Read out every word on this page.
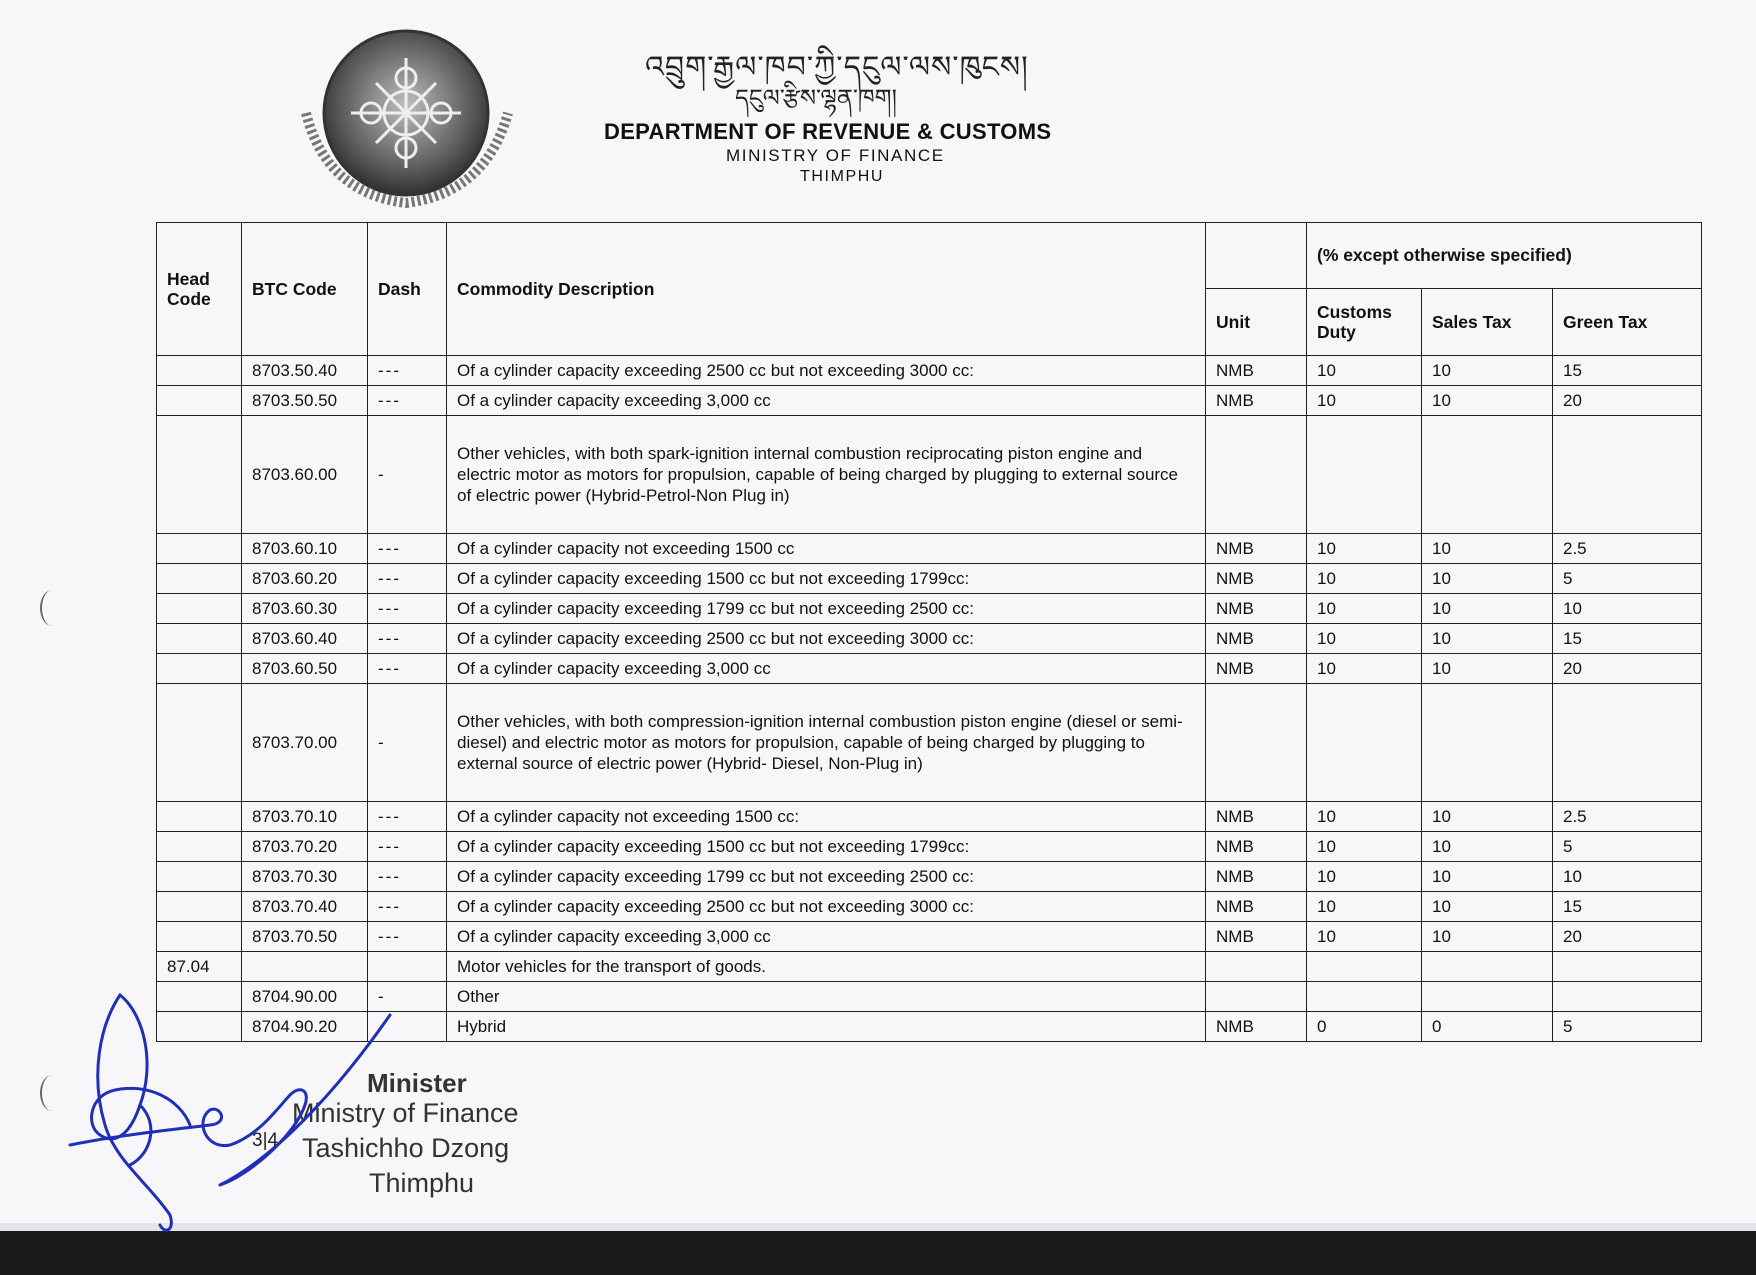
འབྲུག་རྒྱལ་ཁབ་ཀྱི་དངུལ་ལས་ཁུངས།
དངུལ་རྩིས་ལྷན་ཁག།
DEPARTMENT OF REVENUE & CUSTOMS
MINISTRY OF FINANCE
THIMPHU
Head Code	BTC Code	Dash	Commodity Description		(% except otherwise specified)		
				Unit	Customs Duty	Sales Tax	Green Tax
	8703.50.40	---	Of a cylinder capacity exceeding 2500 cc but not exceeding 3000 cc:	NMB	10	10	15
	8703.50.50	---	Of a cylinder capacity exceeding 3,000 cc	NMB	10	10	20
	8703.60.00	-	Other vehicles, with both spark-ignition internal combustion reciprocating piston engine and electric motor as motors for propulsion, capable of being charged by plugging to external source of electric power (Hybrid-Petrol-Non Plug in)				
	8703.60.10	---	Of a cylinder capacity not exceeding 1500 cc	NMB	10	10	2.5
	8703.60.20	---	Of a cylinder capacity exceeding 1500 cc but not exceeding 1799cc:	NMB	10	10	5
	8703.60.30	---	Of a cylinder capacity exceeding 1799 cc but not exceeding 2500 cc:	NMB	10	10	10
	8703.60.40	---	Of a cylinder capacity exceeding 2500 cc but not exceeding 3000 cc:	NMB	10	10	15
	8703.60.50	---	Of a cylinder capacity exceeding 3,000 cc	NMB	10	10	20
	8703.70.00	-	Other vehicles, with both compression-ignition internal combustion piston engine (diesel or semi-diesel) and electric motor as motors for propulsion, capable of being charged by plugging to external source of electric power (Hybrid- Diesel, Non-Plug in)				
	8703.70.10	---	Of a cylinder capacity not exceeding 1500 cc:	NMB	10	10	2.5
	8703.70.20	---	Of a cylinder capacity exceeding 1500 cc but not exceeding 1799cc:	NMB	10	10	5
	8703.70.30	---	Of a cylinder capacity exceeding 1799 cc but not exceeding 2500 cc:	NMB	10	10	10
	8703.70.40	---	Of a cylinder capacity exceeding 2500 cc but not exceeding 3000 cc:	NMB	10	10	15
	8703.70.50	---	Of a cylinder capacity exceeding 3,000 cc	NMB	10	10	20
87.04			Motor vehicles for the transport of goods.				
	8704.90.00	-	Other				
	8704.90.20		Hybrid	NMB	0	0	5
Minister
Ministry of Finance
Tashichho Dzong
Thimphu
3|4
